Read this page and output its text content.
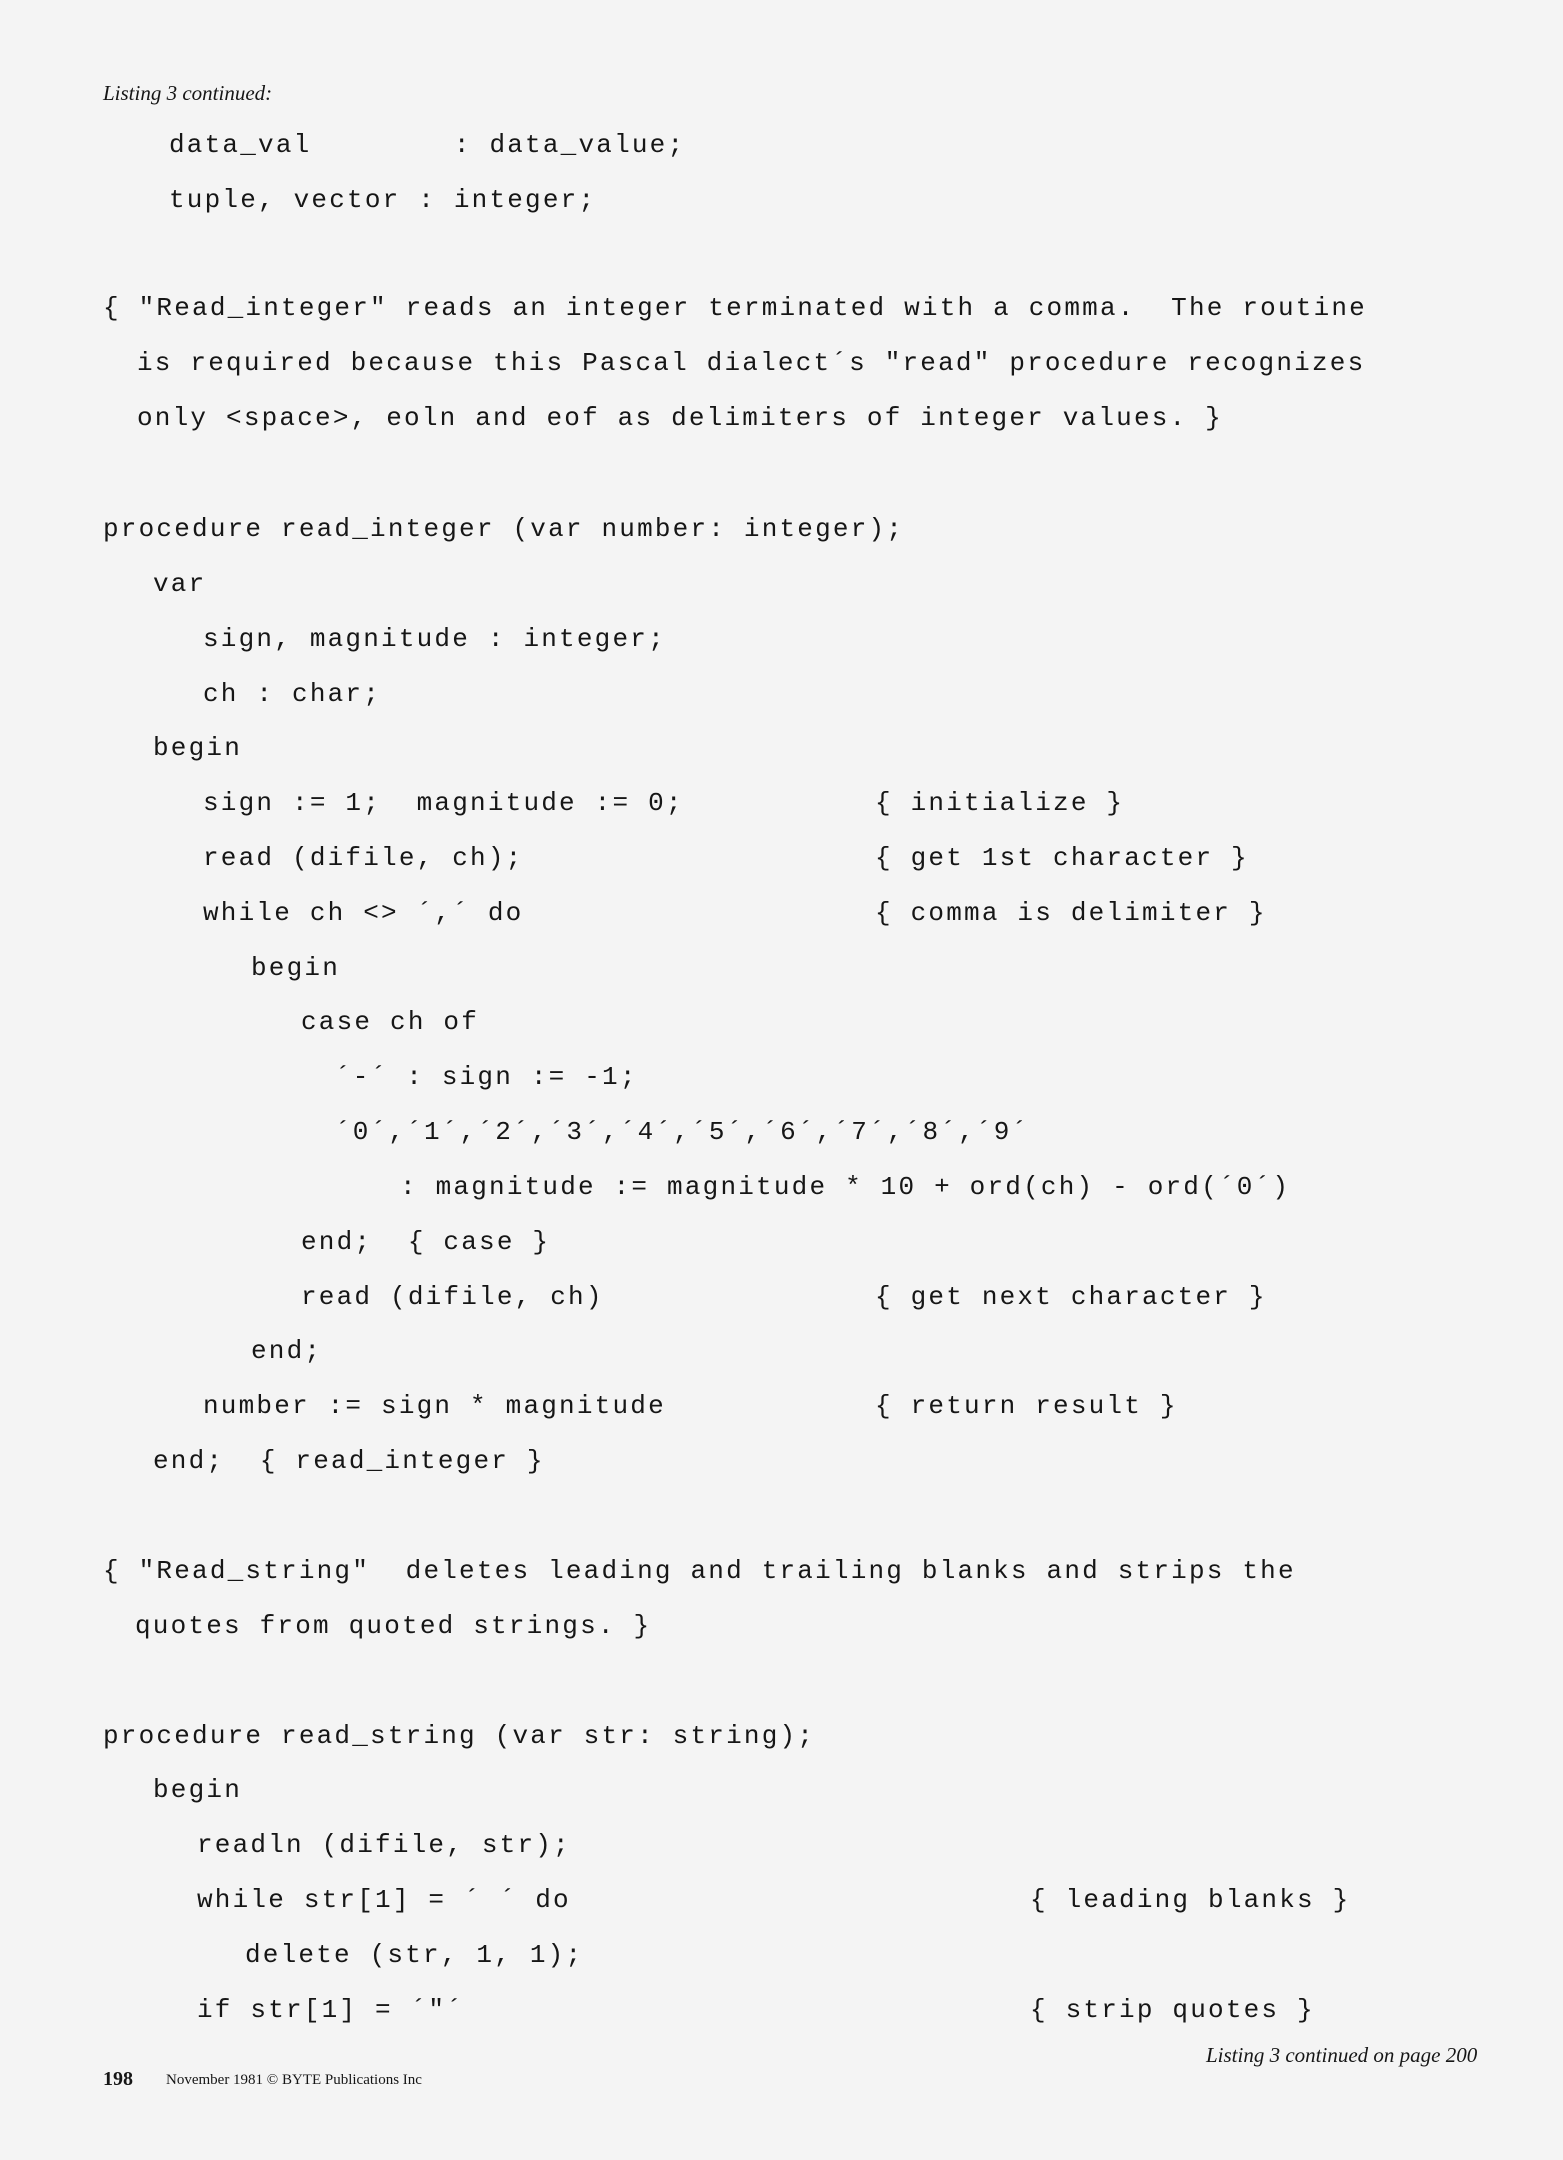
Listing 3 continued:
data_val        : data_value;
tuple, vector : integer;
{ "Read_integer" reads an integer terminated with a comma.  The routine
is required because this Pascal dialect´s "read" procedure recognizes
only <space>, eoln and eof as delimiters of integer values. }
procedure read_integer (var number: integer);
var
sign, magnitude : integer;
ch : char;
begin
sign := 1;  magnitude := 0;	{ initialize }
read (difile, ch);	{ get 1st character }
while ch <> ´,´ do	{ comma is delimiter }
begin
case ch of
´-´ : sign := -1;
´0´,´1´,´2´,´3´,´4´,´5´,´6´,´7´,´8´,´9´
: magnitude := magnitude * 10 + ord(ch) - ord(´0´)
end;  { case }
read (difile, ch)	{ get next character }
end;
number := sign * magnitude	{ return result }
end;  { read_integer }
{ "Read_string"  deletes leading and trailing blanks and strips the
quotes from quoted strings. }
procedure read_string (var str: string);
begin
readln (difile, str);
while str[1] = ´ ´ do	{ leading blanks }
delete (str, 1, 1);
if str[1] = ´"´	{ strip quotes }
Listing 3 continued on page 200
198 November 1981 © BYTE Publications Inc
